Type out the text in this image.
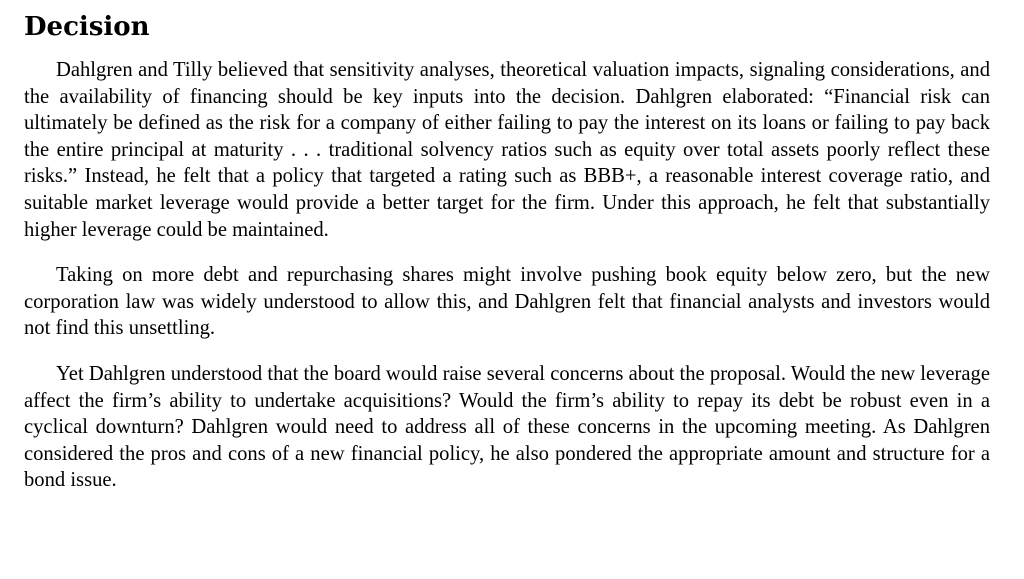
Decision

Dahlgren and Tilly believed that sensitivity analyses, theoretical valuation impacts, signaling considerations, and the availability of financing should be key inputs into the decision. Dahlgren elaborated: “Financial risk can ultimately be defined as the risk for a company of either failing to pay the interest on its loans or failing to pay back the entire principal at maturity . . . traditional solvency ratios such as equity over total assets poorly reflect these risks.” Instead, he felt that a policy that targeted a rating such as BBB+, a reasonable interest coverage ratio, and suitable market leverage would provide a better target for the firm. Under this approach, he felt that substantially higher leverage could be maintained.

Taking on more debt and repurchasing shares might involve pushing book equity below zero, but the new corporation law was widely understood to allow this, and Dahlgren felt that financial analysts and investors would not find this unsettling.

Yet Dahlgren understood that the board would raise several concerns about the proposal. Would the new leverage affect the firm’s ability to undertake acquisitions? Would the firm’s ability to repay its debt be robust even in a cyclical downturn? Dahlgren would need to address all of these concerns in the upcoming meeting. As Dahlgren considered the pros and cons of a new financial policy, he also pondered the appropriate amount and structure for a bond issue.
